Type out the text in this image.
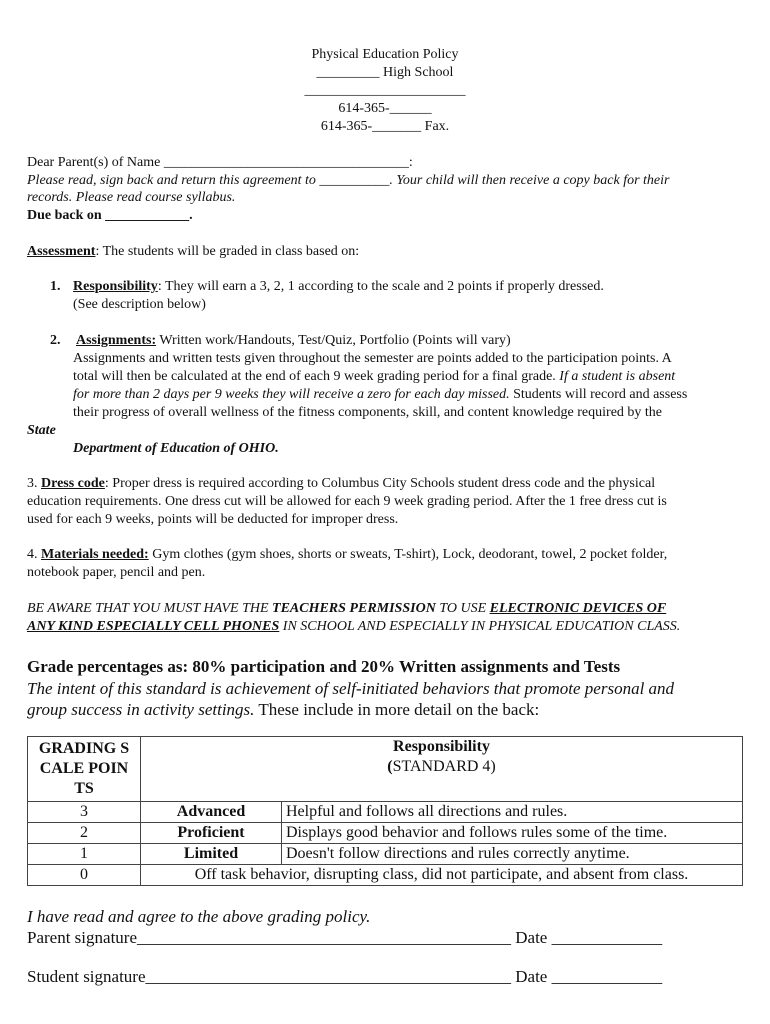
Physical Education Policy
_________ High School
_______________________
614-365-______
614-365-_______ Fax.
Dear Parent(s) of Name ___________________________________:
Please read, sign back and return this agreement to __________. Your child will then receive a copy back for their
records. Please read course syllabus.
Due back on ____________.
Assessment: The students will be graded in class based on:
1. Responsibility: They will earn a 3, 2, 1 according to the scale and 2 points if properly dressed.
(See description below)
2. Assignments: Written work/Handouts, Test/Quiz, Portfolio (Points will vary)
Assignments and written tests given throughout the semester are points added to the participation points. A
total will then be calculated at the end of each 9 week grading period for a final grade. If a student is absent
for more than 2 days per 9 weeks they will receive a zero for each day missed. Students will record and assess
their progress of overall wellness of the fitness components, skill, and content knowledge required by the
State
Department of Education of OHIO.
3. Dress code: Proper dress is required according to Columbus City Schools student dress code and the physical
education requirements. One dress cut will be allowed for each 9 week grading period. After the 1 free dress cut is
used for each 9 weeks, points will be deducted for improper dress.
4. Materials needed: Gym clothes (gym shoes, shorts or sweats, T-shirt), Lock, deodorant, towel, 2 pocket folder,
notebook paper, pencil and pen.
BE AWARE THAT YOU MUST HAVE THE TEACHERS PERMISSION TO USE ELECTRONIC DEVICES OF
ANY KIND ESPECIALLY CELL PHONES IN SCHOOL AND ESPECIALLY IN PHYSICAL EDUCATION CLASS.
Grade percentages as: 80% participation and 20% Written assignments and Tests
The intent of this standard is achievement of self-initiated behaviors that promote personal and
group success in activity settings. These include in more detail on the back:
GRADING SCALE POINTS	Responsibility
(STANDARD 4)	

3	Advanced	Helpful and follows all directions and rules.
2	Proficient	Displays good behavior and follows rules some of the time.
1	Limited	Doesn't follow directions and rules correctly anytime.
0	Off task behavior, disrupting class, did not participate, and absent from class.	
I have read and agree to the above grading policy.
Parent signature____________________________________________ Date _____________
Student signature___________________________________________ Date _____________
